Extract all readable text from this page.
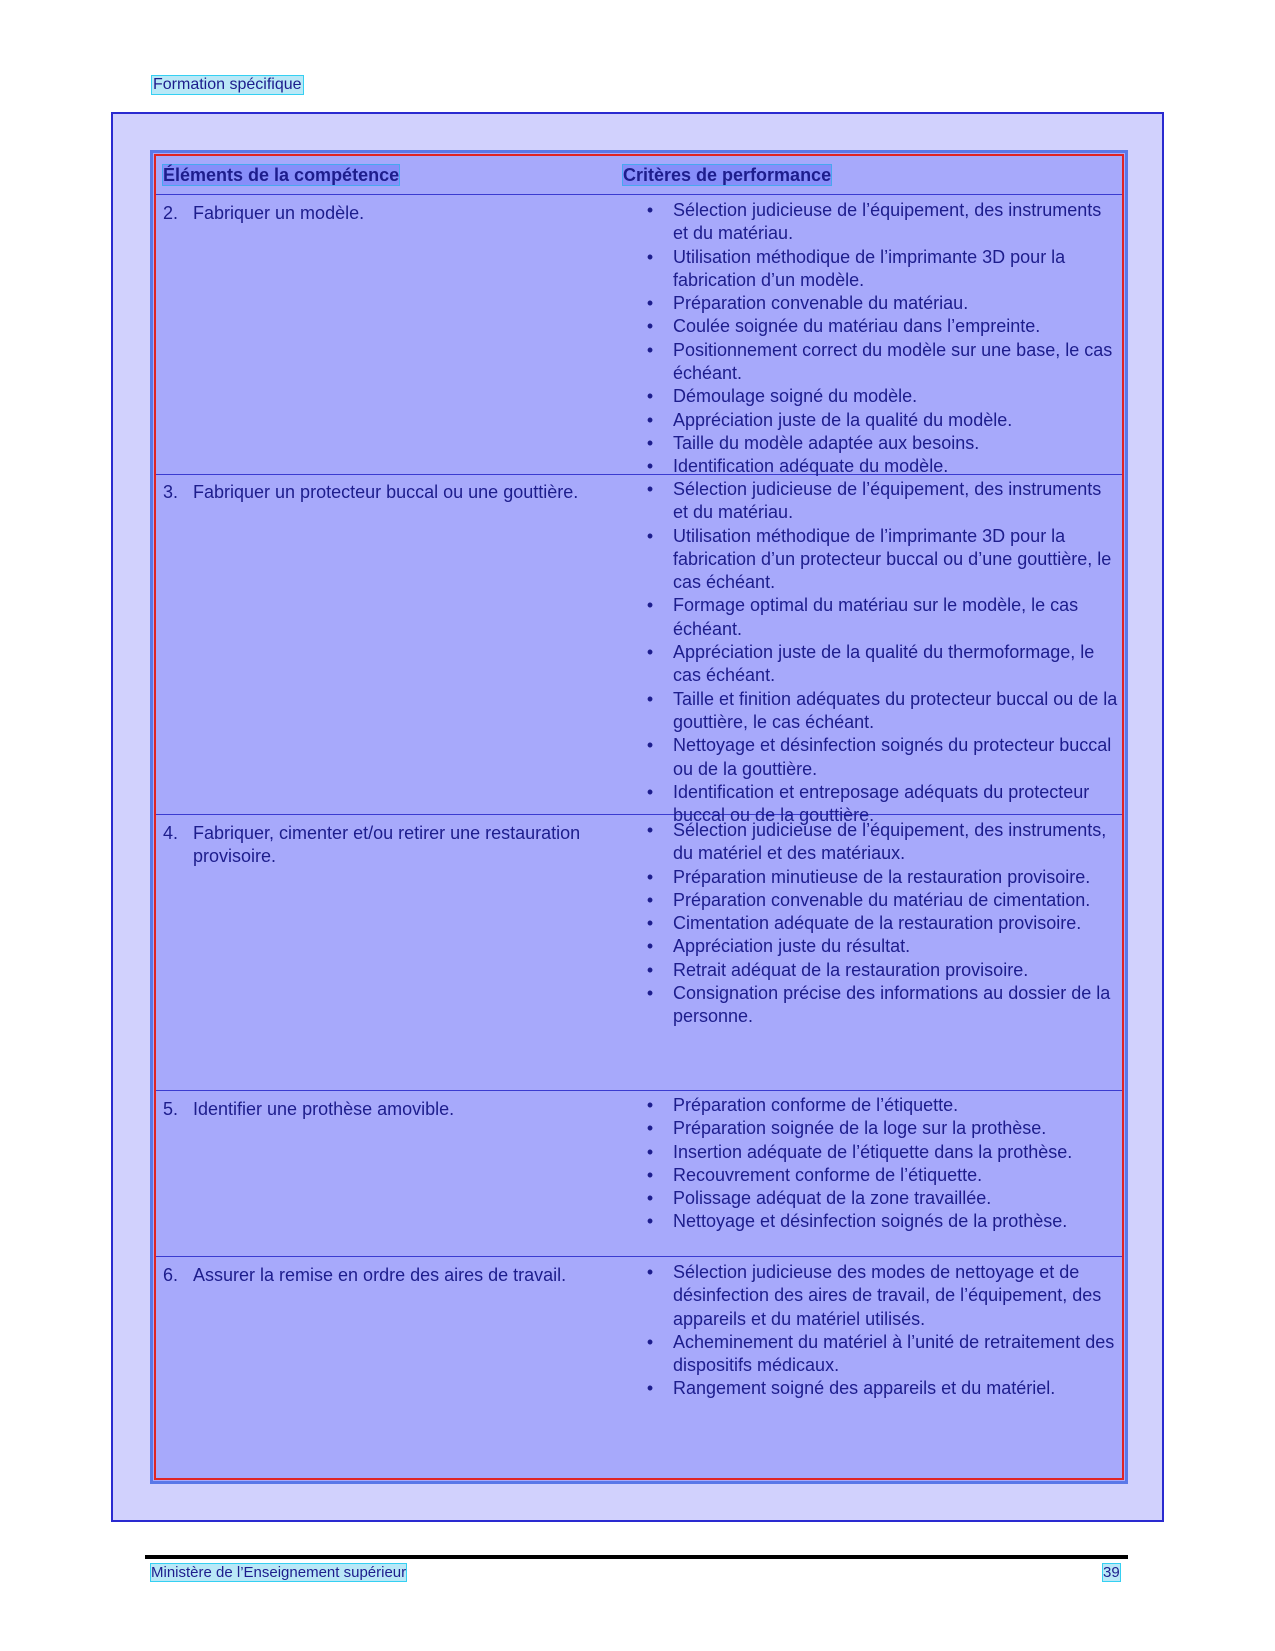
Formation spécifique
Éléments de la compétence	Critères de performance
2. Fabriquer un modèle.	• Sélection judicieuse de l’équipement, des instruments et du matériau.
• Utilisation méthodique de l’imprimante 3D pour la fabrication d’un modèle.
• Préparation convenable du matériau.
• Coulée soignée du matériau dans l’empreinte.
• Positionnement correct du modèle sur une base, le cas échéant.
• Démoulage soigné du modèle.
• Appréciation juste de la qualité du modèle.
• Taille du modèle adaptée aux besoins.
• Identification adéquate du modèle.
3. Fabriquer un protecteur buccal ou une gouttière.	• Sélection judicieuse de l’équipement, des instruments et du matériau.
• Utilisation méthodique de l’imprimante 3D pour la fabrication d’un protecteur buccal ou d’une gouttière, le cas échéant.
• Formage optimal du matériau sur le modèle, le cas échéant.
• Appréciation juste de la qualité du thermoformage, le cas échéant.
• Taille et finition adéquates du protecteur buccal ou de la gouttière, le cas échéant.
• Nettoyage et désinfection soignés du protecteur buccal ou de la gouttière.
• Identification et entreposage adéquats du protecteur buccal ou de la gouttière.
4. Fabriquer, cimenter et/ou retirer une restauration provisoire.
• Sélection judicieuse de l’équipement, des instruments, du matériel et des matériaux.
• Préparation minutieuse de la restauration provisoire.
• Préparation convenable du matériau de cimentation.
• Cimentation adéquate de la restauration provisoire.
• Appréciation juste du résultat.
• Retrait adéquat de la restauration provisoire.
• Consignation précise des informations au dossier de la personne.
5. Identifier une prothèse amovible.	• Préparation conforme de l’étiquette.
• Préparation soignée de la loge sur la prothèse.
• Insertion adéquate de l’étiquette dans la prothèse.
• Recouvrement conforme de l’étiquette.
• Polissage adéquat de la zone travaillée.
• Nettoyage et désinfection soignés de la prothèse.
6. Assurer la remise en ordre des aires de travail.	• Sélection judicieuse des modes de nettoyage et de désinfection des aires de travail, de l’équipement, des appareils et du matériel utilisés.
• Acheminement du matériel à l’unité de retraitement des dispositifs médicaux.
• Rangement soigné des appareils et du matériel.
Ministère de l’Enseignement supérieur	39
